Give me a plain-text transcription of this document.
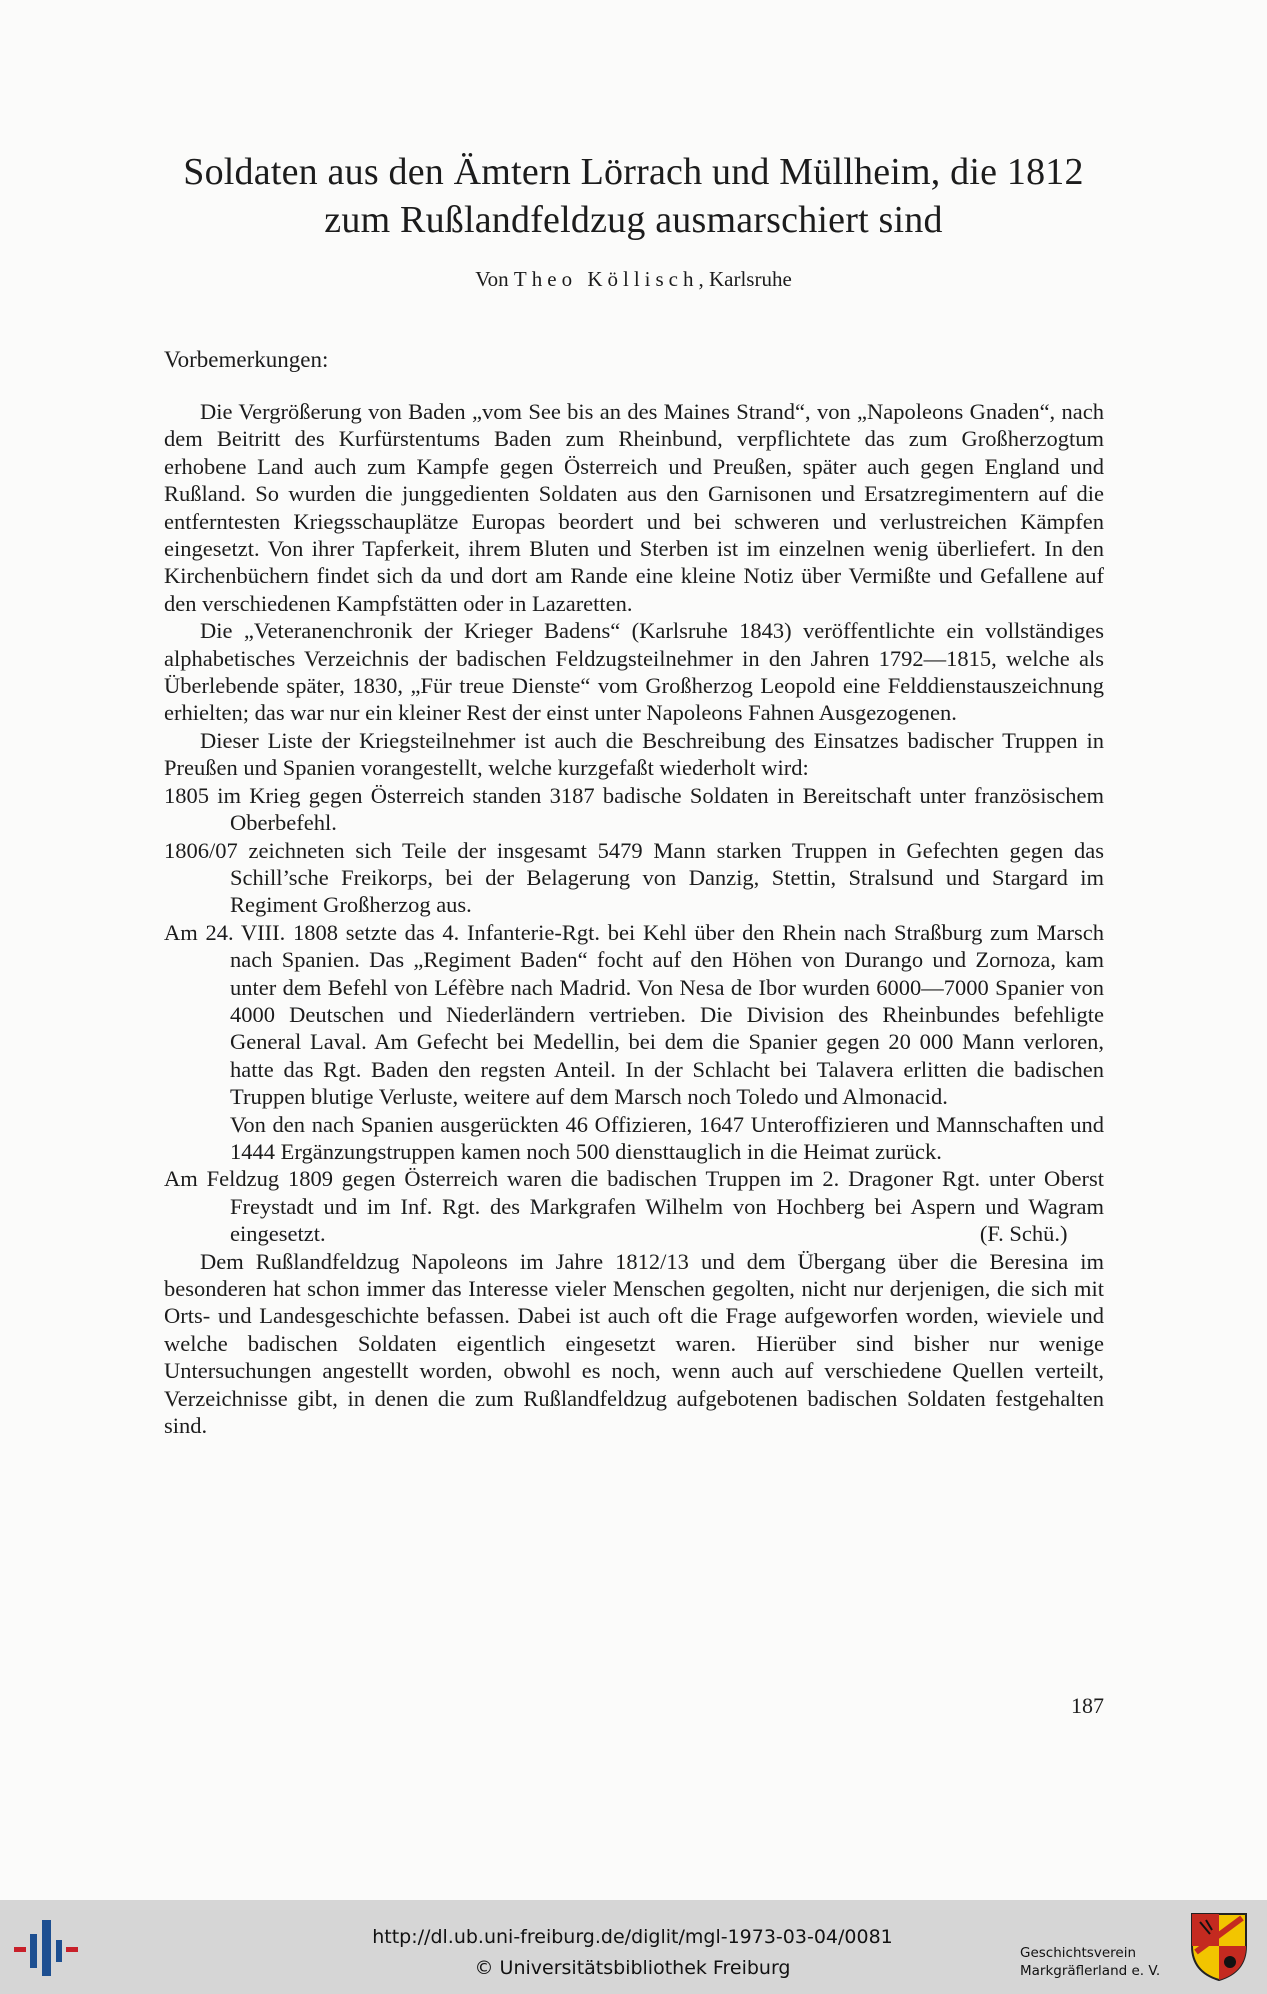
Soldaten aus den Ämtern Lörrach und Müllheim, die 1812
zum Rußlandfeldzug ausmarschiert sind
Von Theo Köllisch, Karlsruhe
Vorbemerkungen:

Die Vergrößerung von Baden „vom See bis an des Maines Strand“, von „Napoleons Gnaden“, nach dem Beitritt des Kurfürstentums Baden zum Rheinbund, verpflichtete das zum Großherzogtum erhobene Land auch zum Kampfe gegen Österreich und Preußen, später auch gegen England und Rußland. So wurden die junggedienten Soldaten aus den Garnisonen und Ersatzregimentern auf die entferntesten Kriegsschauplätze Europas beordert und bei schweren und verlustreichen Kämpfen eingesetzt. Von ihrer Tapferkeit, ihrem Bluten und Sterben ist im einzelnen wenig überliefert. In den Kirchenbüchern findet sich da und dort am Rande eine kleine Notiz über Vermißte und Gefallene auf den verschiedenen Kampfstätten oder in Lazaretten.

Die „Veteranenchronik der Krieger Badens“ (Karlsruhe 1843) veröffentlichte ein vollständiges alphabetisches Verzeichnis der badischen Feldzugsteilnehmer in den Jahren 1792—1815, welche als Überlebende später, 1830, „Für treue Dienste“ vom Großherzog Leopold eine Felddienstauszeichnung erhielten; das war nur ein kleiner Rest der einst unter Napoleons Fahnen Ausgezogenen.

Dieser Liste der Kriegsteilnehmer ist auch die Beschreibung des Einsatzes badischer Truppen in Preußen und Spanien vorangestellt, welche kurzgefaßt wiederholt wird:

1805 im Krieg gegen Österreich standen 3187 badische Soldaten in Bereitschaft unter französischem Oberbefehl.
1806/07 zeichneten sich Teile der insgesamt 5479 Mann starken Truppen in Gefechten gegen das Schill’sche Freikorps, bei der Belagerung von Danzig, Stettin, Stralsund und Stargard im Regiment Großherzog aus.
Am 24. VIII. 1808 setzte das 4. Infanterie-Rgt. bei Kehl über den Rhein nach Straßburg zum Marsch nach Spanien. Das „Regiment Baden“ focht auf den Höhen von Durango und Zornoza, kam unter dem Befehl von Léfèbre nach Madrid. Von Nesa de Ibor wurden 6000—7000 Spanier von 4000 Deutschen und Niederländern vertrieben. Die Division des Rheinbundes befehligte General Laval. Am Gefecht bei Medellin, bei dem die Spanier gegen 20 000 Mann verloren, hatte das Rgt. Baden den regsten Anteil. In der Schlacht bei Talavera erlitten die badischen Truppen blutige Verluste, weitere auf dem Marsch noch Toledo und Almonacid.
Von den nach Spanien ausgerückten 46 Offizieren, 1647 Unteroffizieren und Mannschaften und 1444 Ergänzungstruppen kamen noch 500 diensttauglich in die Heimat zurück.
Am Feldzug 1809 gegen Österreich waren die badischen Truppen im 2. Dragoner Rgt. unter Oberst Freystadt und im Inf. Rgt. des Markgrafen Wilhelm von Hochberg bei Aspern und Wagram eingesetzt.	(F. Schü.)

Dem Rußlandfeldzug Napoleons im Jahre 1812/13 und dem Übergang über die Beresina im besonderen hat schon immer das Interesse vieler Menschen gegolten, nicht nur derjenigen, die sich mit Orts- und Landesgeschichte befassen. Dabei ist auch oft die Frage aufgeworfen worden, wieviele und welche badischen Soldaten eigentlich eingesetzt waren. Hierüber sind bisher nur wenige Untersuchungen angestellt worden, obwohl es noch, wenn auch auf verschiedene Quellen verteilt, Verzeichnisse gibt, in denen die zum Rußlandfeldzug aufgebotenen badischen Soldaten festgehalten sind.

187
http://dl.ub.uni-freiburg.de/diglit/mgl-1973-03-04/0081
© Universitätsbibliothek Freiburg
Geschichtsverein
Markgräflerland e. V.
